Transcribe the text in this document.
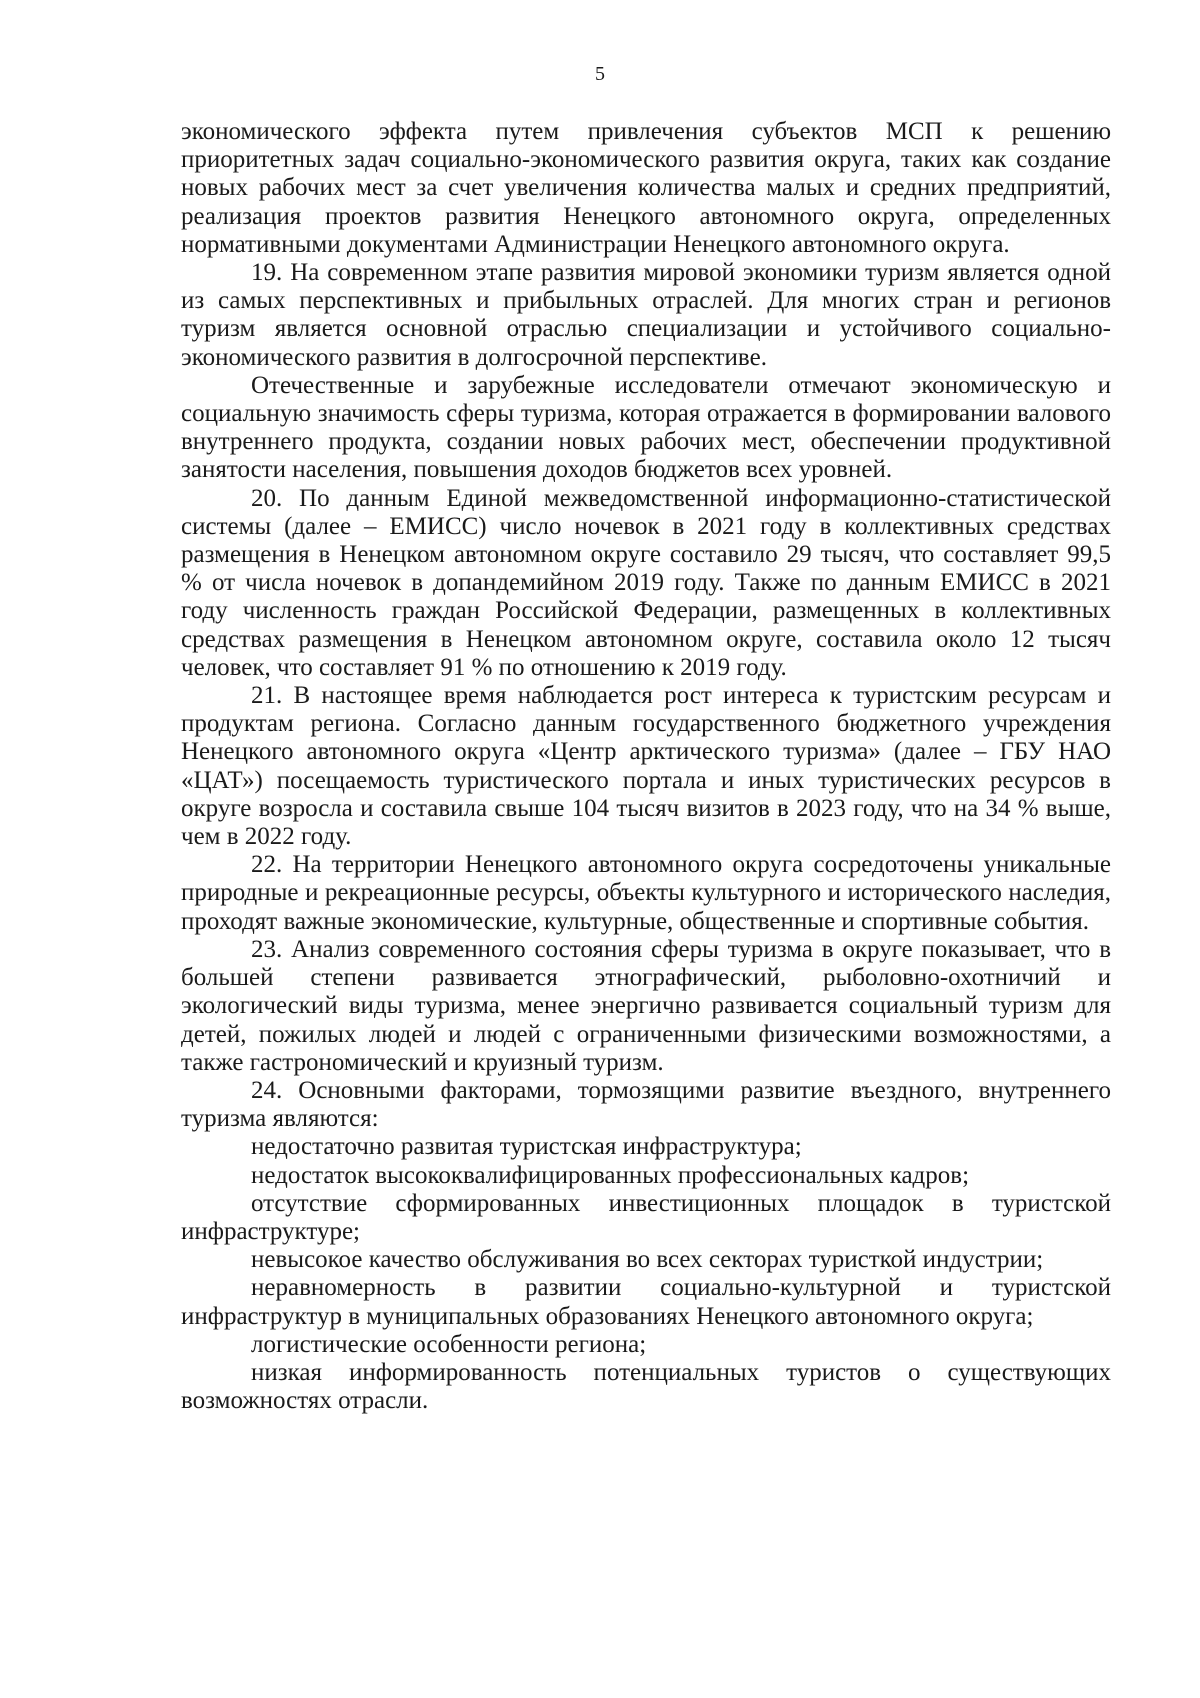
5

экономического эффекта путем привлечения субъектов МСП к решению приоритетных задач социально-экономического развития округа, таких как создание новых рабочих мест за счет увеличения количества малых и средних предприятий, реализация проектов развития Ненецкого автономного округа, определенных нормативными документами Администрации Ненецкого автономного округа.

19. На современном этапе развития мировой экономики туризм является одной из самых перспективных и прибыльных отраслей. Для многих стран и регионов туризм является основной отраслью специализации и устойчивого социально-экономического развития в долгосрочной перспективе.

Отечественные и зарубежные исследователи отмечают экономическую и социальную значимость сферы туризма, которая отражается в формировании валового внутреннего продукта, создании новых рабочих мест, обеспечении продуктивной занятости населения, повышения доходов бюджетов всех уровней.

20. По данным Единой межведомственной информационно-статистической системы (далее – ЕМИСС) число ночевок в 2021 году в коллективных средствах размещения в Ненецком автономном округе составило 29 тысяч, что составляет 99,5 % от числа ночевок в допандемийном 2019 году. Также по данным ЕМИСС в 2021 году численность граждан Российской Федерации, размещенных в коллективных средствах размещения в Ненецком автономном округе, составила около 12 тысяч человек, что составляет 91 % по отношению к 2019 году.

21. В настоящее время наблюдается рост интереса к туристским ресурсам и продуктам региона. Согласно данным государственного бюджетного учреждения Ненецкого автономного округа «Центр арктического туризма» (далее – ГБУ НАО «ЦАТ») посещаемость туристического портала и иных туристических ресурсов в округе возросла и составила свыше 104 тысяч визитов в 2023 году, что на 34 % выше, чем в 2022 году.

22. На территории Ненецкого автономного округа сосредоточены уникальные природные и рекреационные ресурсы, объекты культурного и исторического наследия, проходят важные экономические, культурные, общественные и спортивные события.

23. Анализ современного состояния сферы туризма в округе показывает, что в большей степени развивается этнографический, рыболовно-охотничий и экологический виды туризма, менее энергично развивается социальный туризм для детей, пожилых людей и людей с ограниченными физическими возможностями, а также гастрономический и круизный туризм.

24. Основными факторами, тормозящими развитие въездного, внутреннего туризма являются:

недостаточно развитая туристская инфраструктура;

недостаток высококвалифицированных профессиональных кадров;

отсутствие сформированных инвестиционных площадок в туристской инфраструктуре;

невысокое качество обслуживания во всех секторах туристкой индустрии;

неравномерность в развитии социально-культурной и туристской инфраструктур в муниципальных образованиях Ненецкого автономного округа;

логистические особенности региона;

низкая информированность потенциальных туристов о существующих возможностях отрасли.
